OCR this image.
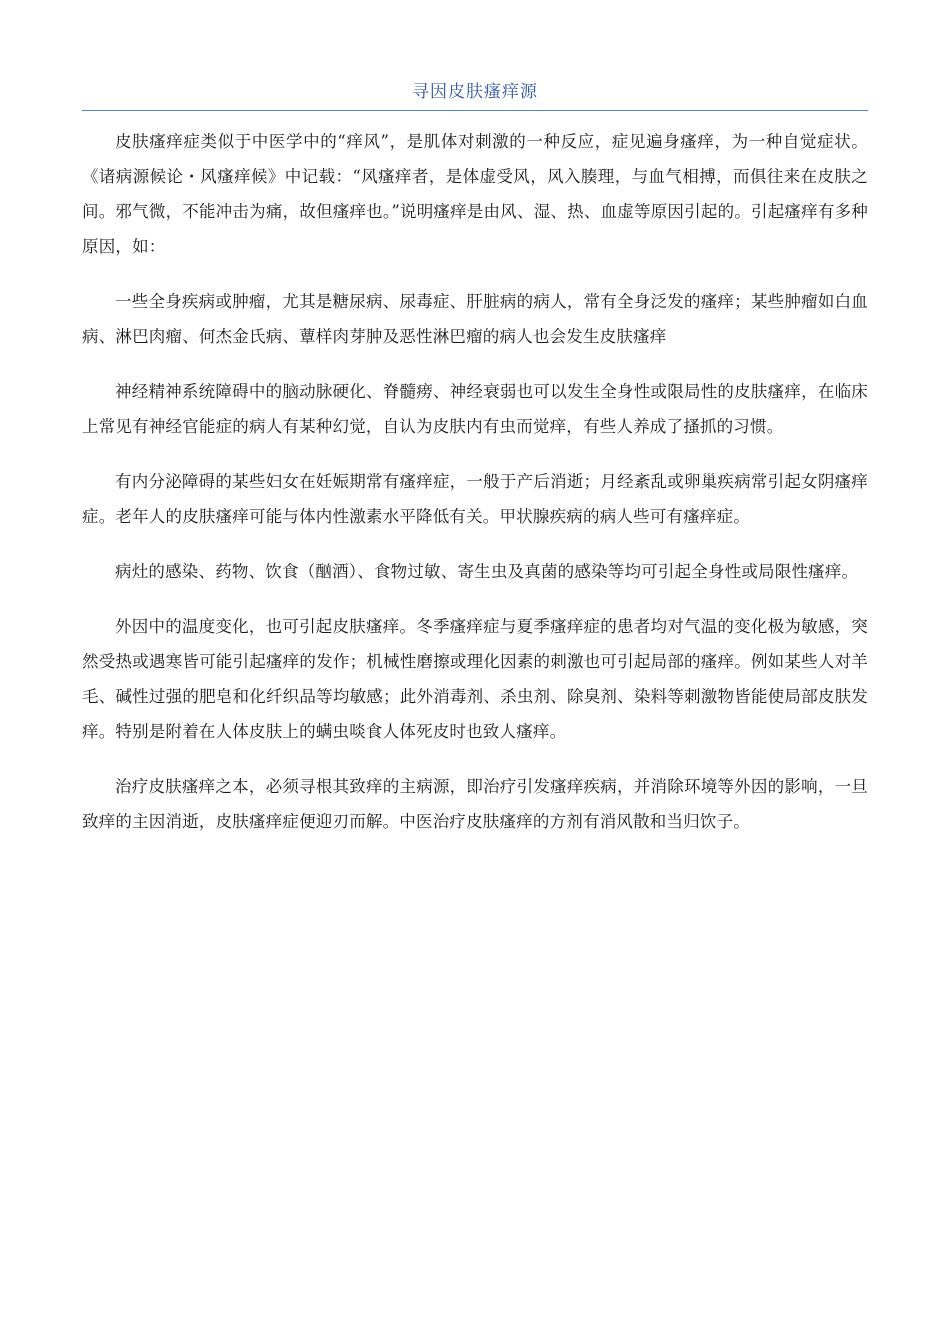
寻因皮肤瘙痒源

皮肤瘙痒症类似于中医学中的“痒风”，是肌体对刺激的一种反应，症见遍身瘙痒，为一种自觉症状。《诸病源候论・风瘙痒候》中记载：“风瘙痒者，是体虚受风，风入腠理，与血气相搏，而俱往来在皮肤之间。邪气微，不能冲击为痛，故但瘙痒也。”说明瘙痒是由风、湿、热、血虚等原因引起的。引起瘙痒有多种原因，如：

一些全身疾病或肿瘤，尤其是糖尿病、尿毒症、肝脏病的病人，常有全身泛发的瘙痒；某些肿瘤如白血病、淋巴肉瘤、何杰金氏病、蕈样肉芽肿及恶性淋巴瘤的病人也会发生皮肤瘙痒

神经精神系统障碍中的脑动脉硬化、脊髓痨、神经衰弱也可以发生全身性或限局性的皮肤瘙痒，在临床上常见有神经官能症的病人有某种幻觉，自认为皮肤内有虫而觉痒，有些人养成了搔抓的习惯。

有内分泌障碍的某些妇女在妊娠期常有瘙痒症，一般于产后消逝；月经紊乱或卵巢疾病常引起女阴瘙痒症。老年人的皮肤瘙痒可能与体内性激素水平降低有关。甲状腺疾病的病人些可有瘙痒症。

病灶的感染、药物、饮食（酗酒）、食物过敏、寄生虫及真菌的感染等均可引起全身性或局限性瘙痒。

外因中的温度变化，也可引起皮肤瘙痒。冬季瘙痒症与夏季瘙痒症的患者均对气温的变化极为敏感，突然受热或遇寒皆可能引起瘙痒的发作；机械性磨擦或理化因素的刺激也可引起局部的瘙痒。例如某些人对羊毛、碱性过强的肥皂和化纤织品等均敏感；此外消毒剂、杀虫剂、除臭剂、染料等刺激物皆能使局部皮肤发痒。特别是附着在人体皮肤上的螨虫啖食人体死皮时也致人瘙痒。

治疗皮肤瘙痒之本，必须寻根其致痒的主病源，即治疗引发瘙痒疾病，并消除环境等外因的影响，一旦致痒的主因消逝，皮肤瘙痒症便迎刃而解。中医治疗皮肤瘙痒的方剂有消风散和当归饮子。
